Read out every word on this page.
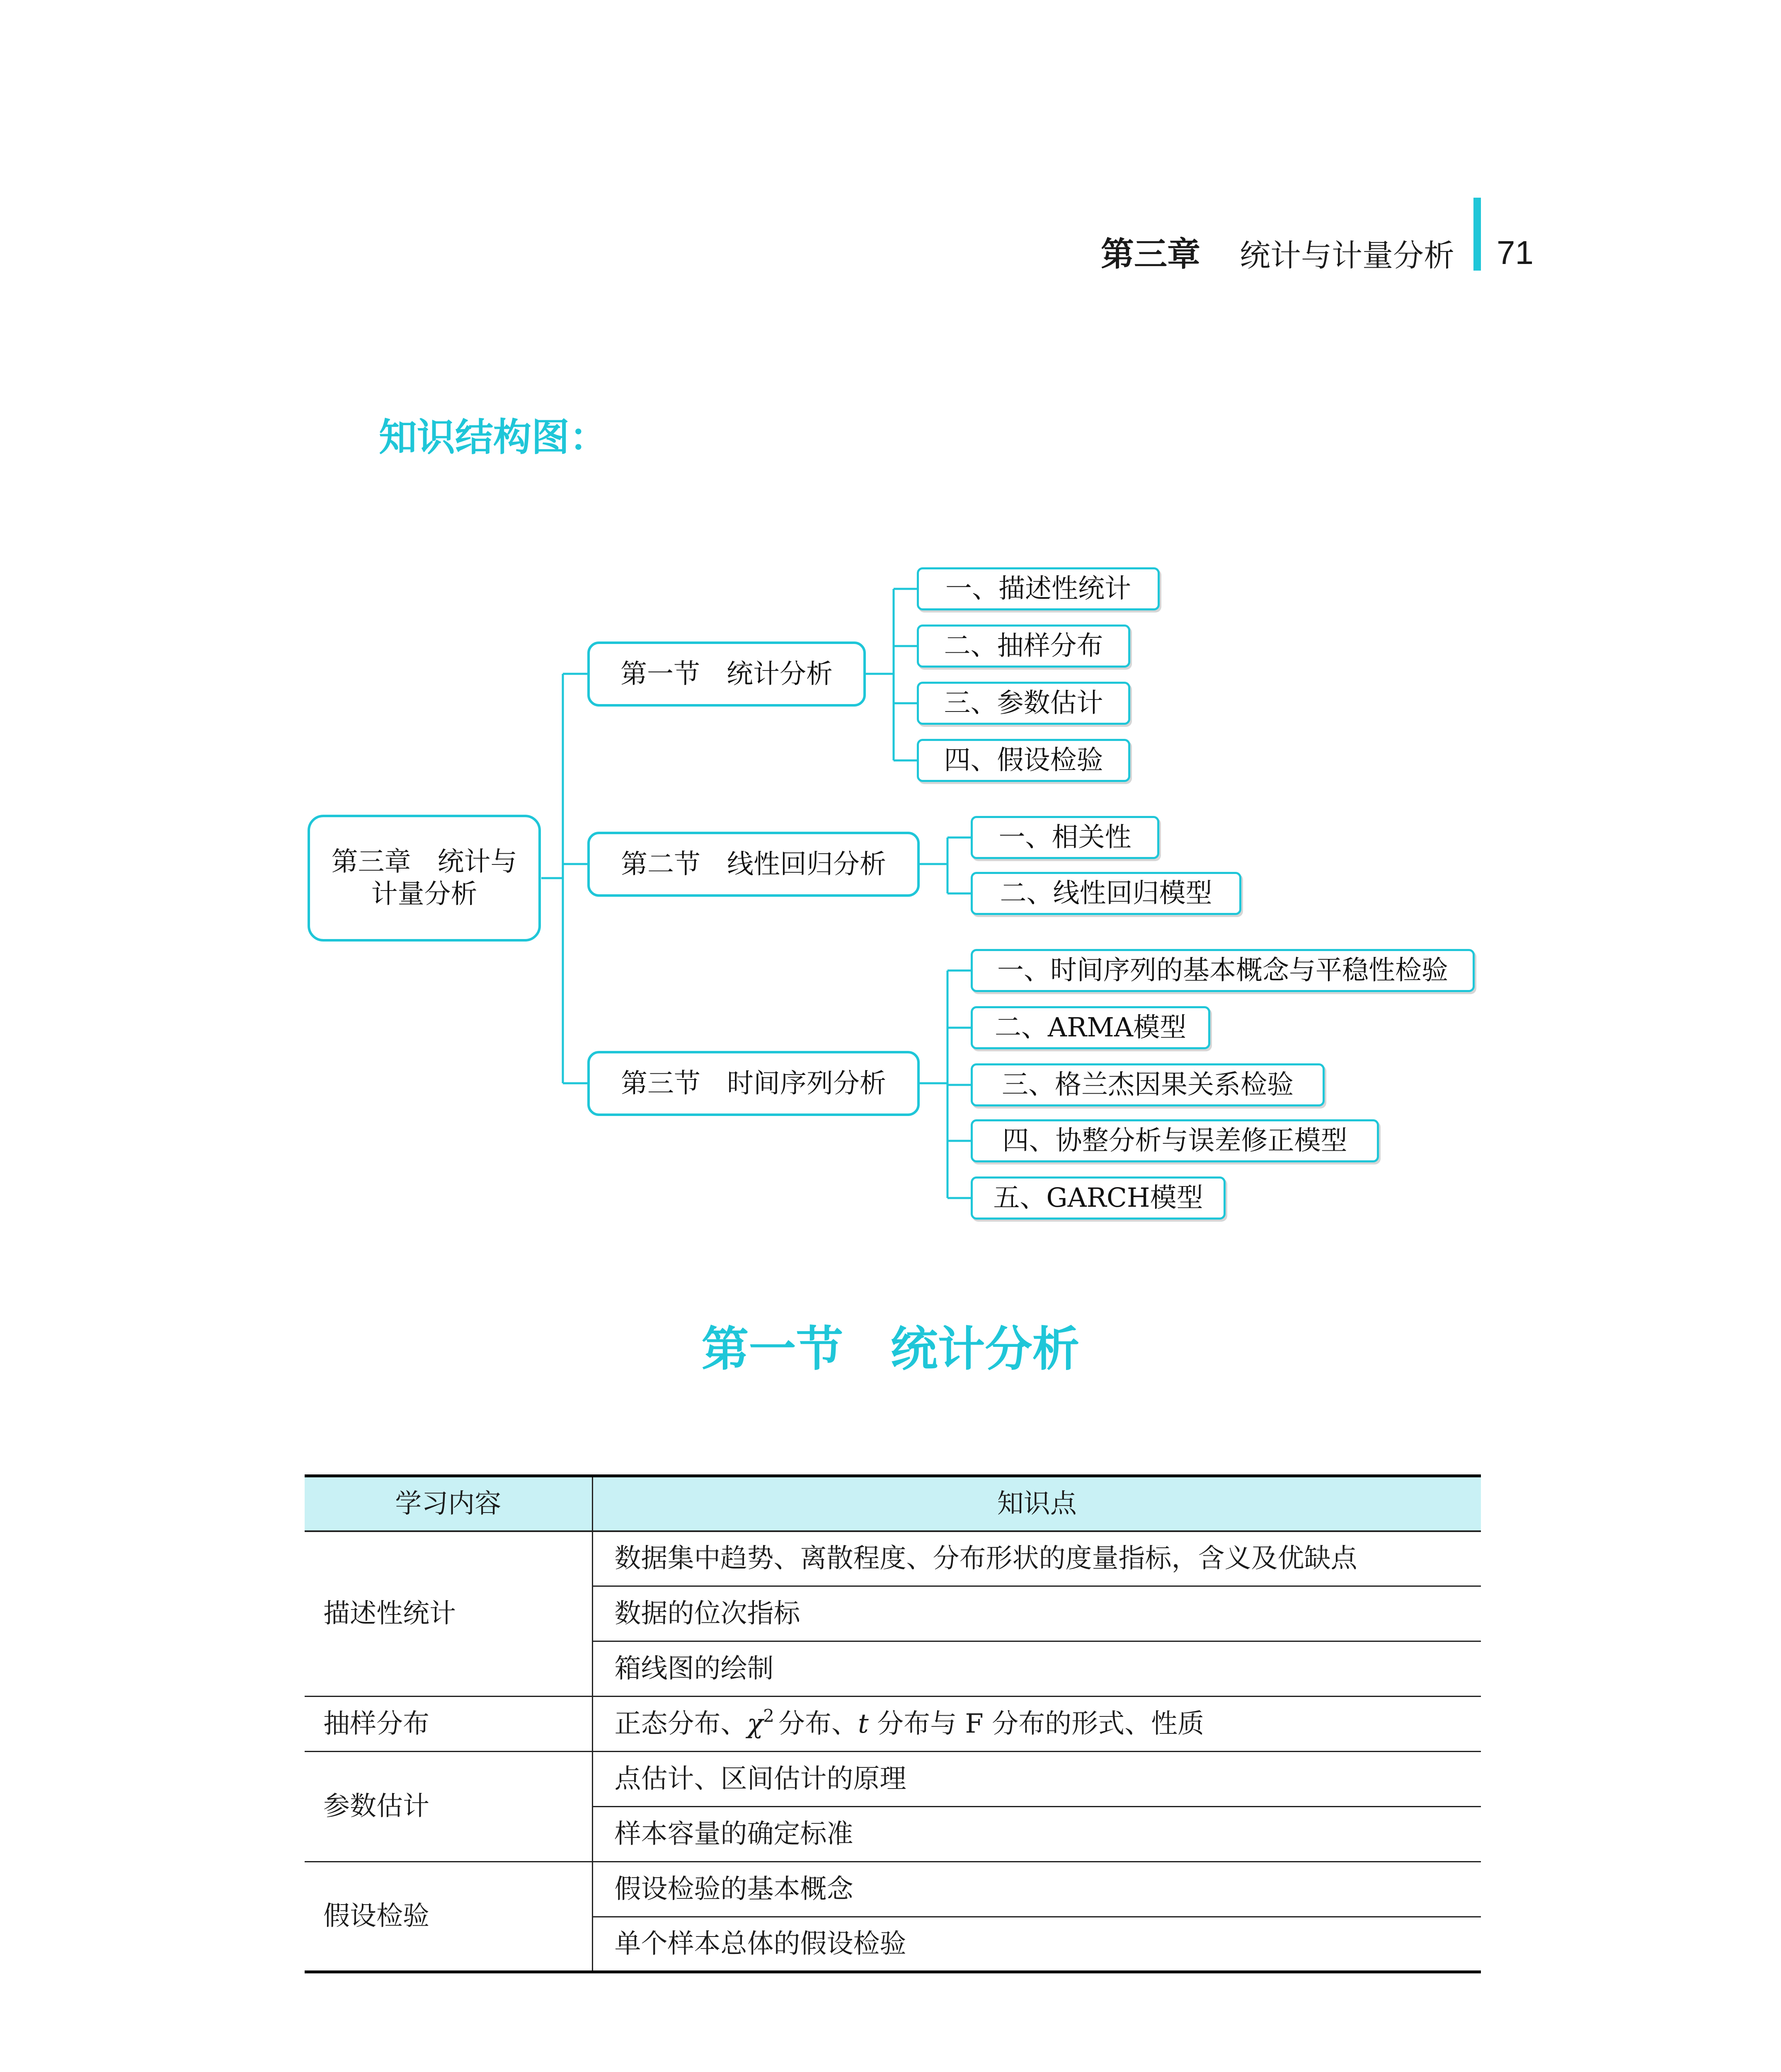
第三章 统计与计量分析 71
知识结构图：
第三章　统计与
计量分析
第一节　统计分析
第二节　线性回归分析
第三节　时间序列分析
一、描述性统计
二、抽样分布
三、参数估计
四、假设检验
一、相关性
二、线性回归模型
一、时间序列的基本概念与平稳性检验
二、ARMA模型
三、格兰杰因果关系检验
四、协整分析与误差修正模型
五、GARCH模型
第一节　统计分析
学习内容	知识点
描述性统计	数据集中趋势、离散程度、分布形状的度量指标，含义及优缺点
	数据的位次指标
	箱线图的绘制
抽样分布	正态分布、$\chi^2$ 分布、t 分布与 F 分布的形式、性质
参数估计	点估计、区间估计的原理
	样本容量的确定标准
假设检验	假设检验的基本概念
	单个样本总体的假设检验
